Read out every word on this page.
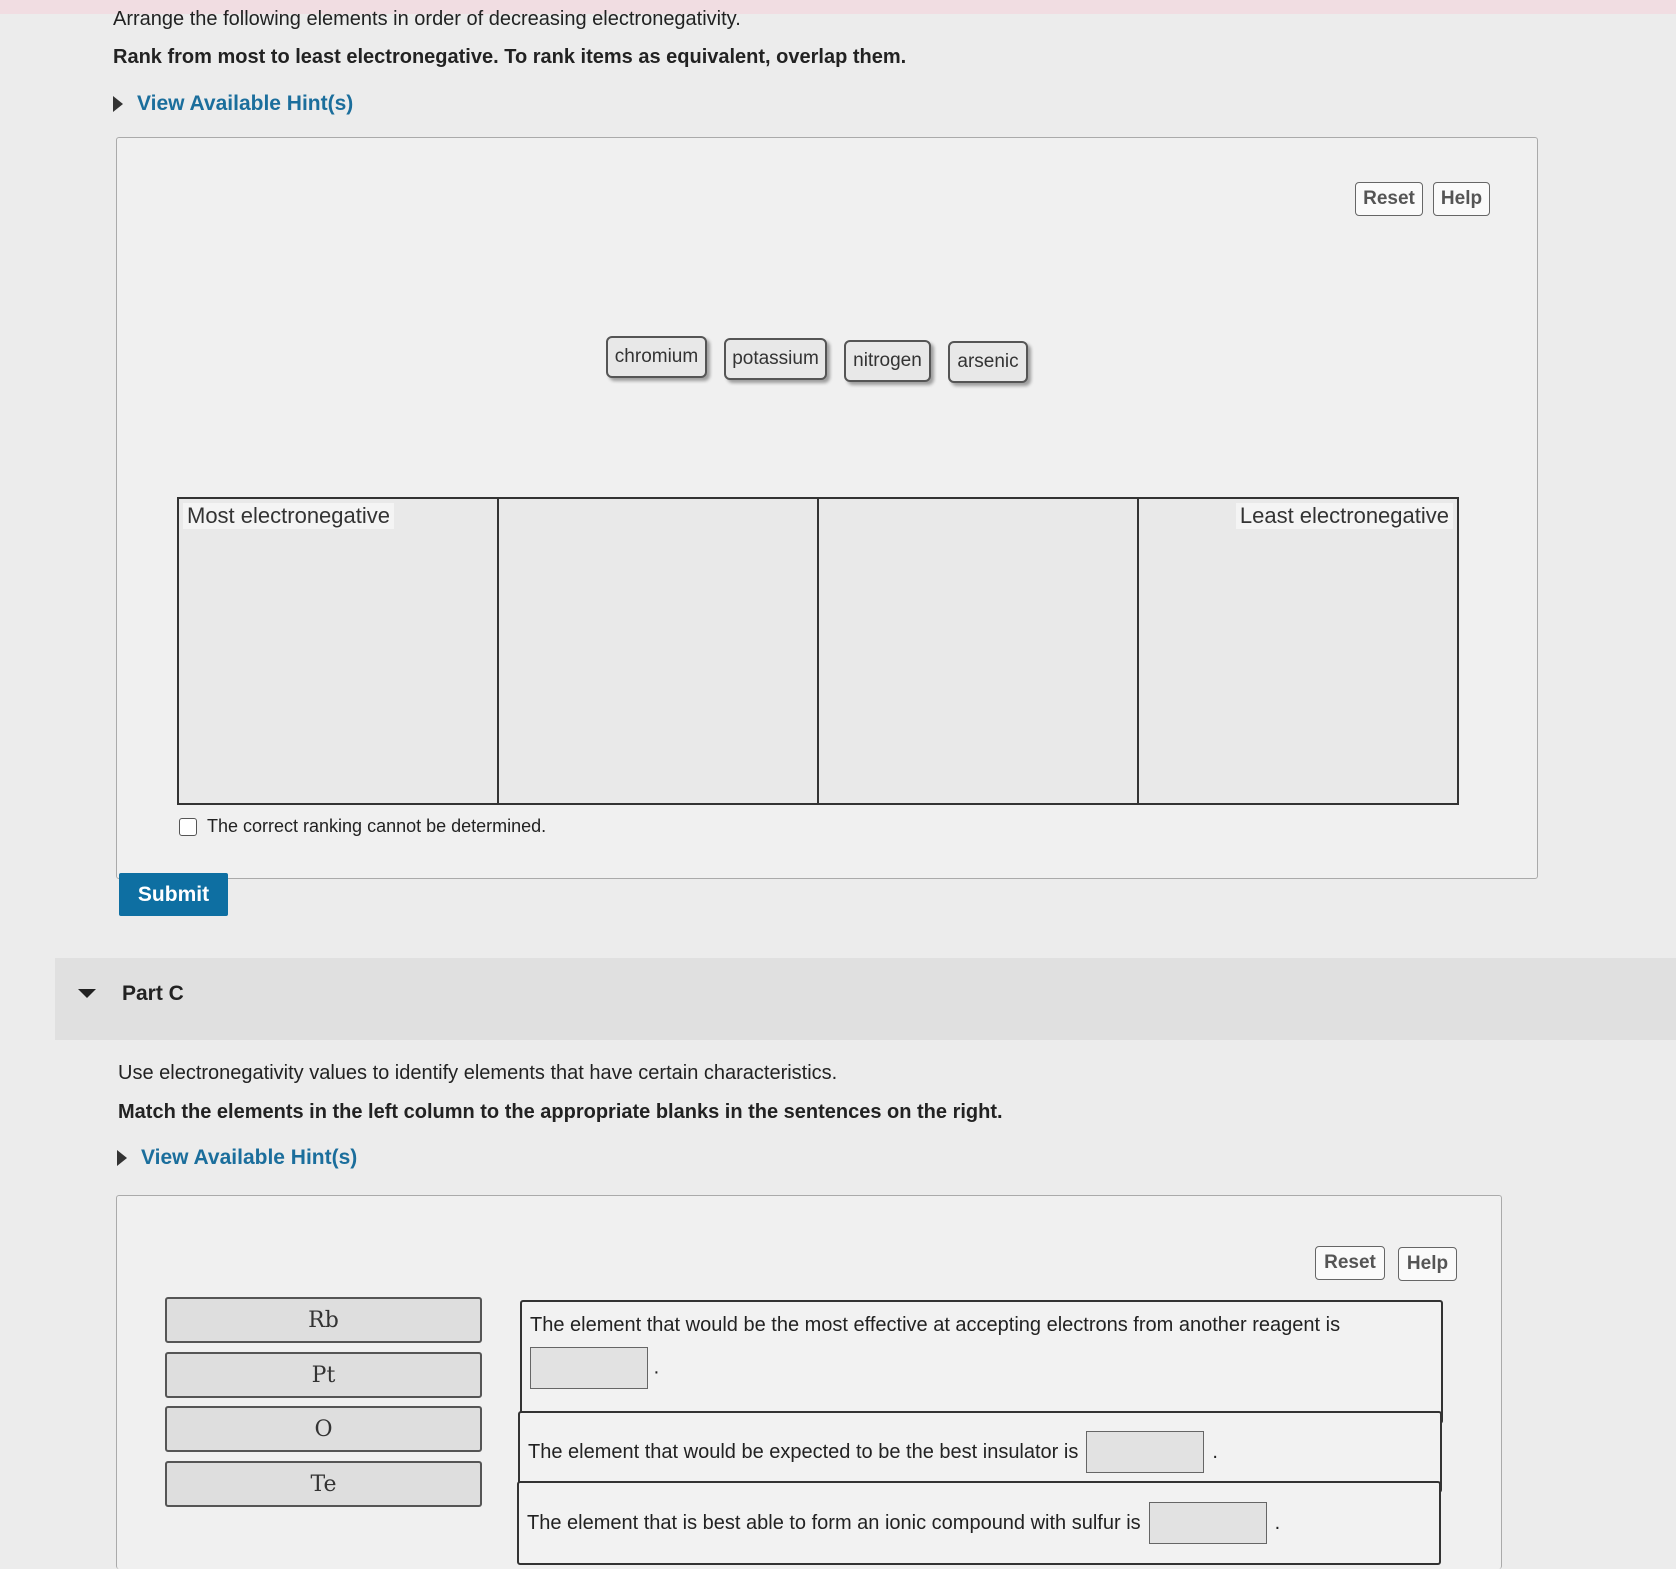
Arrange the following elements in order of decreasing electronegativity.
Rank from most to least electronegative. To rank items as equivalent, overlap them.
View Available Hint(s)
Reset	Help
chromium	potassium	nitrogen	arsenic
Most electronegative	Least electronegative
The correct ranking cannot be determined.
Submit
Part C
Use electronegativity values to identify elements that have certain characteristics.
Match the elements in the left column to the appropriate blanks in the sentences on the right.
View Available Hint(s)
Reset	Help
Rb
Pt
O
Te
The element that would be the most effective at accepting electrons from another reagent is
.
The element that would be expected to be the best insulator is	.
The element that is best able to form an ionic compound with sulfur is	.
